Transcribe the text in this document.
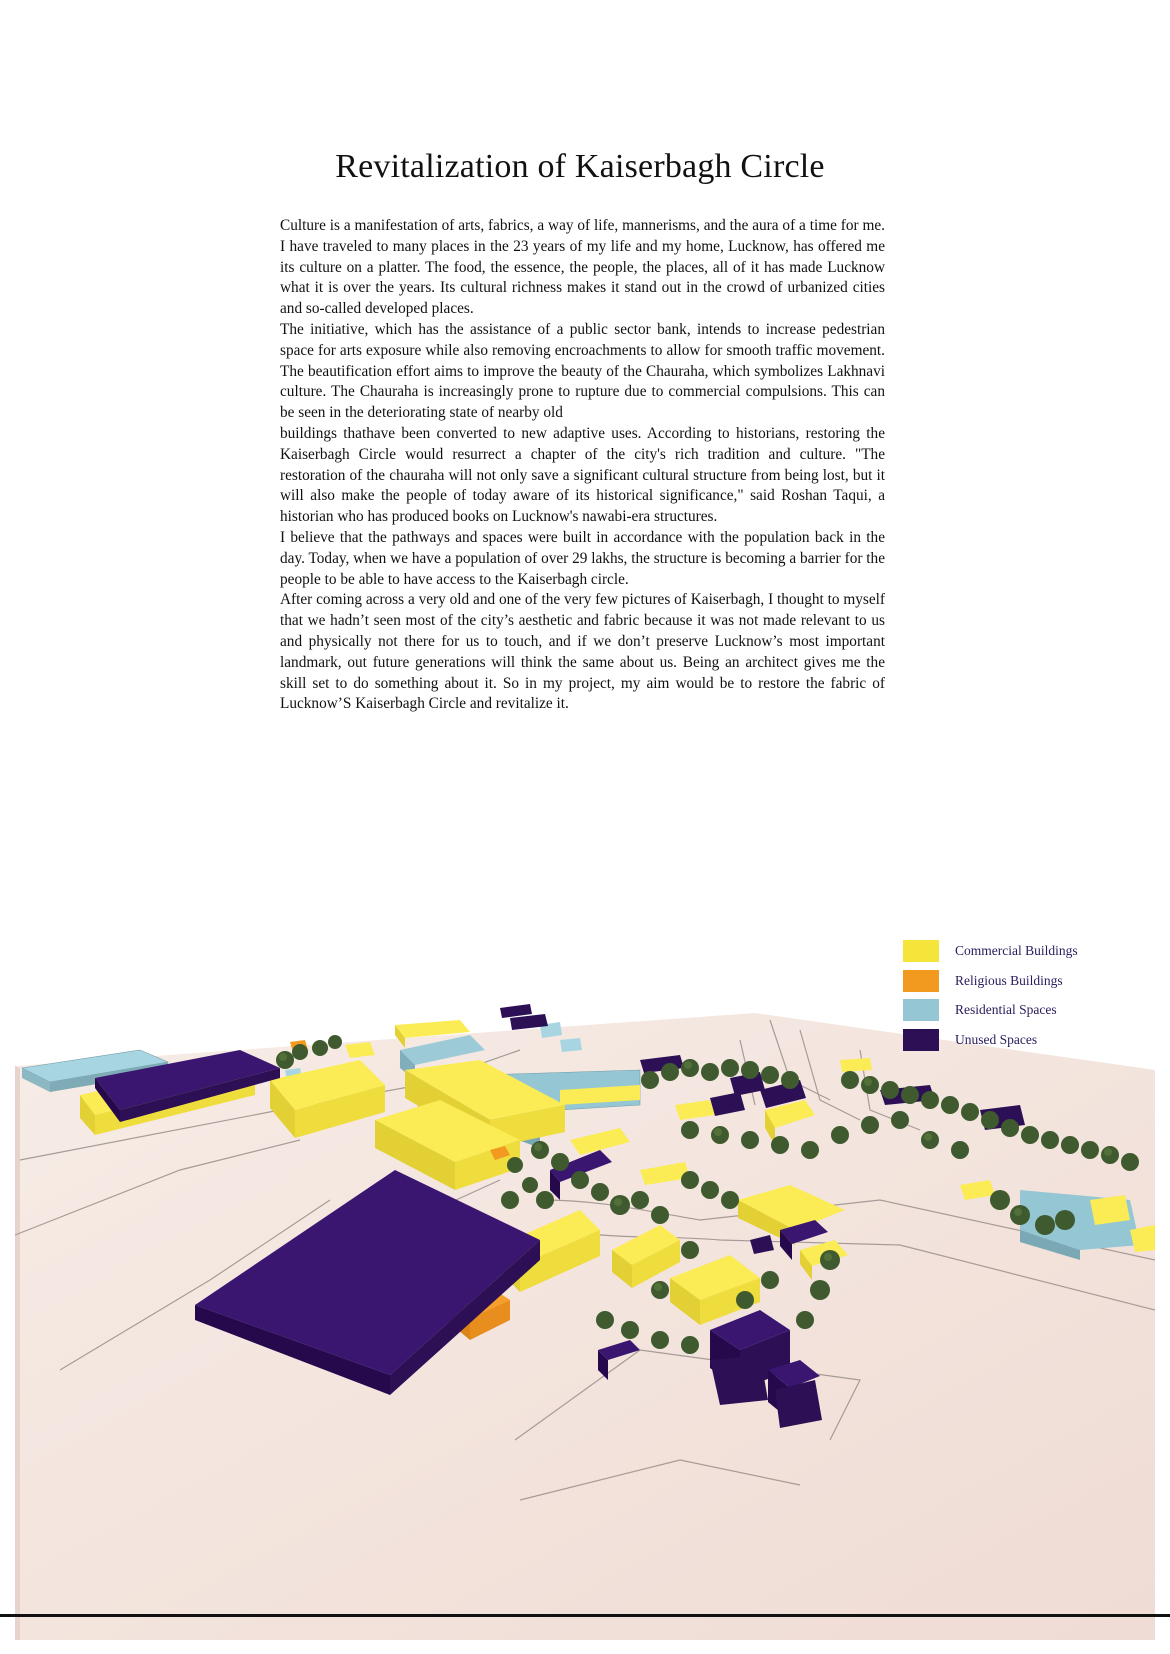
Revitalization of Kaiserbagh Circle

Culture is a manifestation of arts, fabrics, a way of life, mannerisms, and the aura of a time for me. I have traveled to many places in the 23 years of my life and my home, Lucknow, has offered me its culture on a platter. The food, the essence, the people, the places, all of it has made Lucknow what it is over the years. Its cultural richness makes it stand out in the crowd of urbanized cities and so-called developed places.

The initiative, which has the assistance of a public sector bank, intends to increase pedestrian space for arts exposure while also removing encroachments to allow for smooth traffic movement. The beautification effort aims to improve the beauty of the Chauraha, which symbolizes Lakhnavi culture. The Chauraha is increasingly prone to rupture due to commercial compulsions. This can be seen in the deteriorating state of nearby old

buildings thathave been converted to new adaptive uses. According to historians, restoring the Kaiserbagh Circle would resurrect a chapter of the city's rich tradition and culture. "The restoration of the chauraha will not only save a significant cultural structure from being lost, but it will also make the people of today aware of its historical significance," said Roshan Taqui, a historian who has produced books on Lucknow's nawabi-era structures.

I believe that the pathways and spaces were built in accordance with the population back in the day. Today, when we have a population of over 29 lakhs, the structure is becoming a barrier for the people to be able to have access to the Kaiserbagh circle.

After coming across a very old and one of the very few pictures of Kaiserbagh, I thought to myself that we hadn’t seen most of the city’s aesthetic and fabric because it was not made relevant to us and physically not there for us to touch, and if we don’t preserve Lucknow’s most important landmark, out future generations will think the same about us. Being an architect gives me the skill set to do something about it. So in my project, my aim would be to restore the fabric of Lucknow’S Kaiserbagh Circle and revitalize it.

Commercial Buildings
Religious Buildings
Residential Spaces
Unused Spaces
